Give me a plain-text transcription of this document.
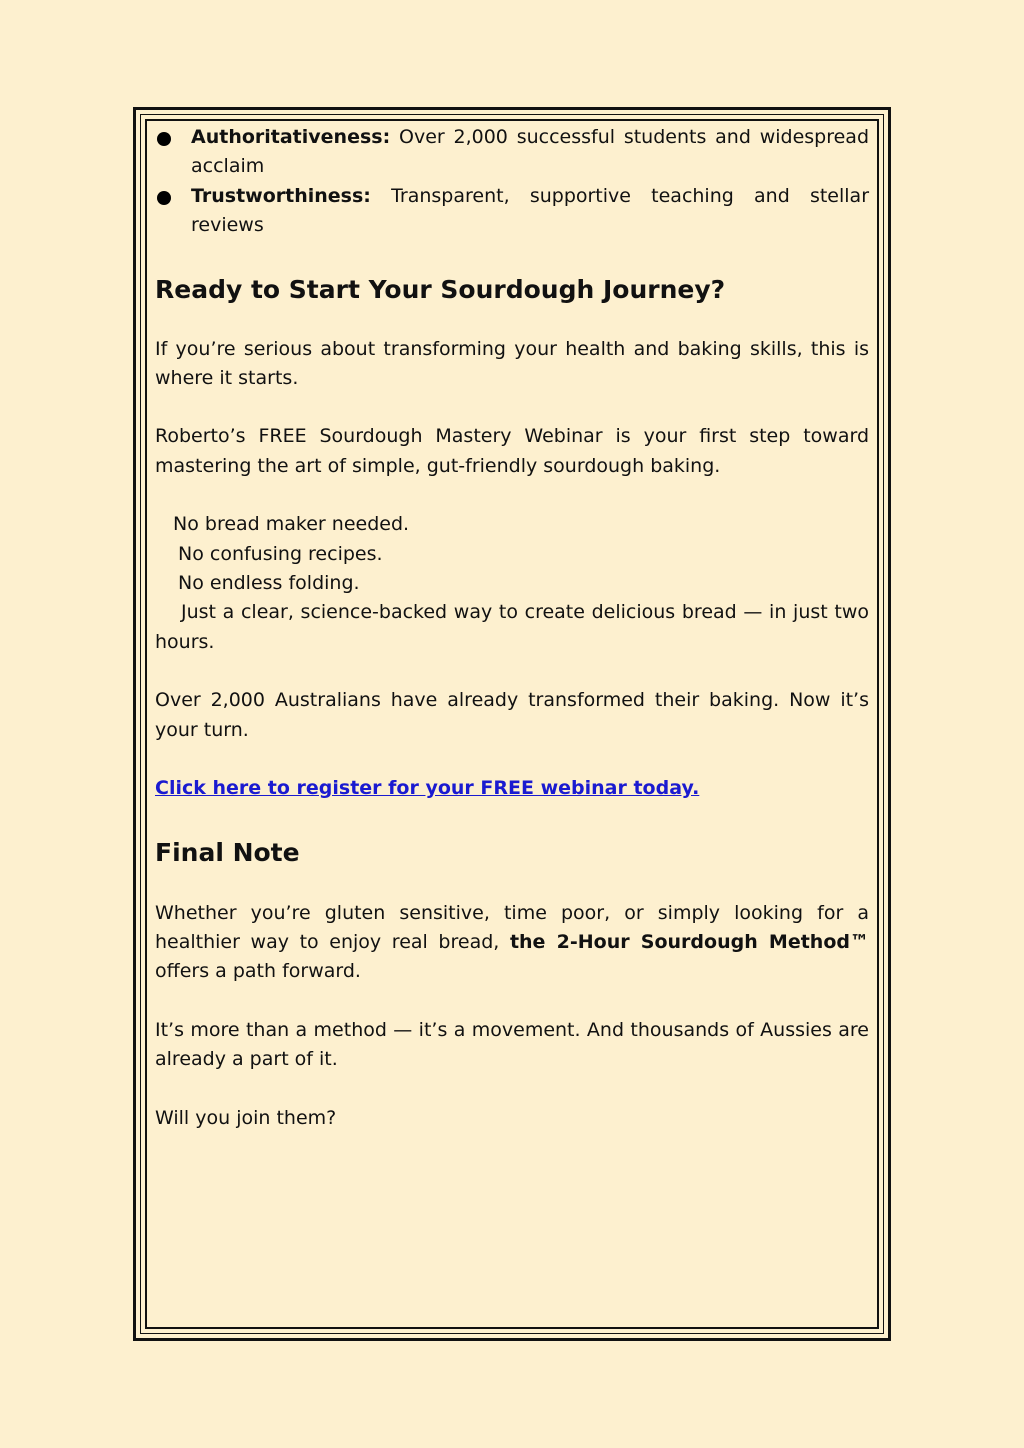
Authoritativeness: Over 2,000 successful students and widespread acclaim
Trustworthiness: Transparent, supportive teaching and stellar reviews
Ready to Start Your Sourdough Journey?

If you’re serious about transforming your health and baking skills, this is where it starts.

Roberto’s FREE Sourdough Mastery Webinar is your first step toward mastering the art of simple, gut-friendly sourdough baking.

No bread maker needed.
No confusing recipes.
No endless folding.

Just a clear, science-backed way to create delicious bread — in just two hours.

Over 2,000 Australians have already transformed their baking. Now it’s your turn.

Click here to register for your FREE webinar today.

Final Note

Whether you’re gluten sensitive, time poor, or simply looking for a healthier way to enjoy real bread, the 2-Hour Sourdough Method™ offers a path forward.

It’s more than a method — it’s a movement. And thousands of Aussies are already a part of it.

Will you join them?
